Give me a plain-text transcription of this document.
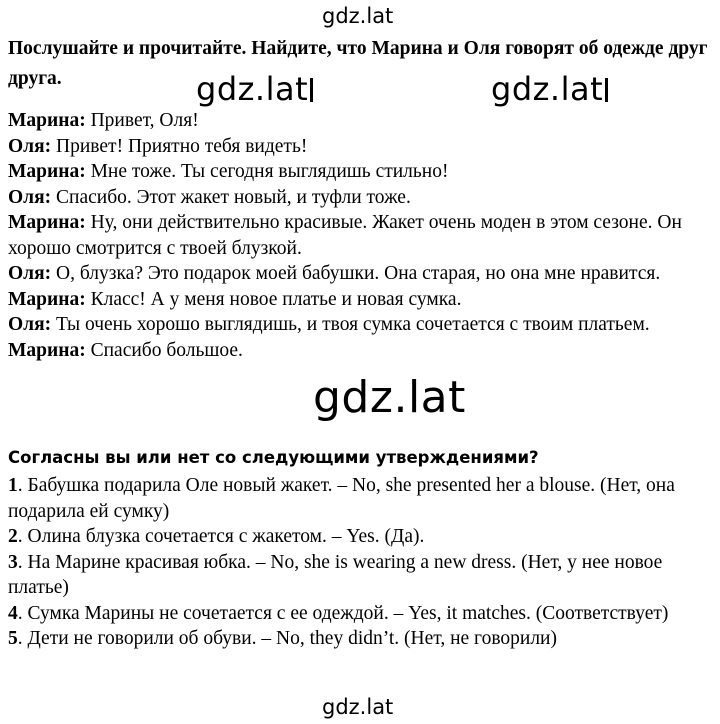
gdz.lat
Послушайте и прочитайте. Найдите, что Марина и Оля говорят об одежде друг друга.	gdz.lat	gdz.lat

Марина: Привет, Оля!

Оля: Привет! Приятно тебя видеть!

Марина: Мне тоже. Ты сегодня выглядишь стильно!

Оля: Спасибо. Этот жакет новый, и туфли тоже.

Марина: Ну, они действительно красивые. Жакет очень моден в этом сезоне. Он хорошо смотрится с твоей блузкой.

Оля: О, блузка? Это подарок моей бабушки. Она старая, но она мне нравится.

Марина: Класс! А у меня новое платье и новая сумка.

Оля: Ты очень хорошо выглядишь, и твоя сумка сочетается с твоим платьем.

Марина: Спасибо большое.

gdz.lat
Согласны вы или нет со следующими утверждениями?

1. Бабушка подарила Оле новый жакет. – No, she presented her a blouse. (Нет, она подарила ей сумку)

2. Олина блузка сочетается с жакетом. – Yes. (Да).

3. На Марине красивая юбка. – No, she is wearing a new dress. (Нет, у нее новое платье)

4. Сумка Марины не сочетается с ее одеждой. – Yes, it matches. (Соответствует)

5. Дети не говорили об обуви. – No, they didn’t. (Нет, не говорили)

gdz.lat
